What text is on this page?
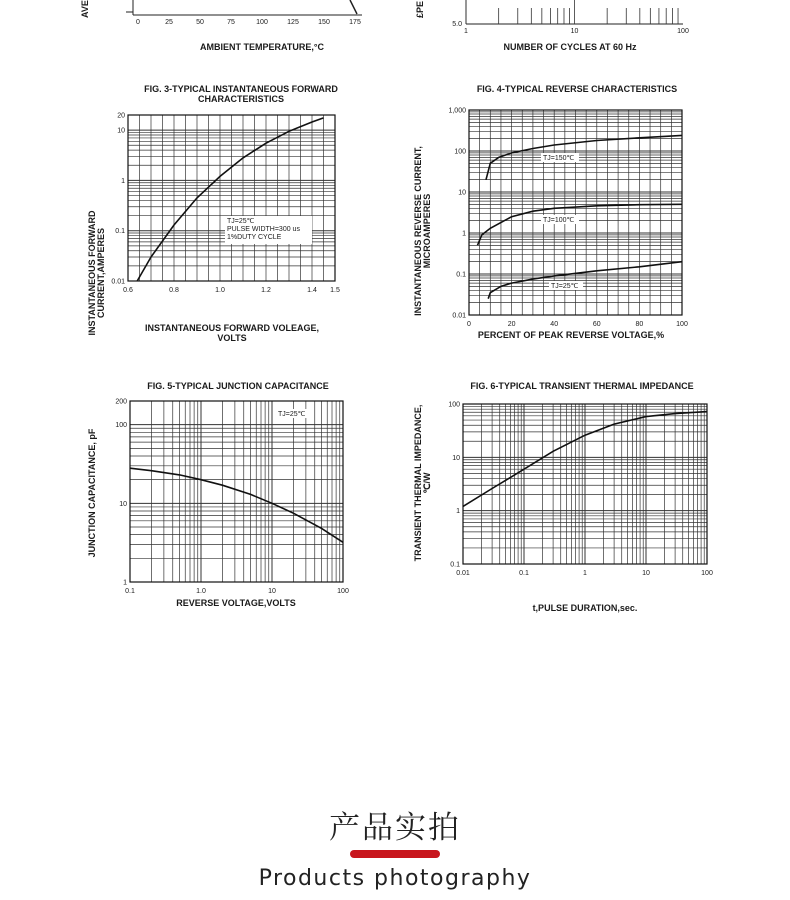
AVE
0	25	50	75	100	125	150	175
AMBIENT TEMPERATURE,°C
£PE
5.0
1	10	100
NUMBER OF CYCLES AT 60 Hz
FIG. 3-TYPICAL INSTANTANEOUS FORWARD
CHARACTERISTICS
INSTANTANEOUS FORWARD CURRENT,AMPERES 0.6	0.8	1.0	1.2	1.4 1.5
0.01
0.1
1
10
20
TJ=25℃
PULSE WIDTH=300 us
1%DUTY CYCLE
INSTANTANEOUS FORWARD VOLEAGE,
VOLTS
FIG. 4-TYPICAL REVERSE CHARACTERISTICS
INSTANTANEOUS REVERSE CURRENT, MICROAMPERES
0	20	40	60	80	100
0.01
0.1
1
10
100
1,000
TJ=150℃
TJ=100℃
TJ=25℃
PERCENT OF PEAK REVERSE VOLTAGE,%
FIG. 5-TYPICAL JUNCTION CAPACITANCE
JUNCTION CAPACITANCE, pF
0.1	1.0	10	100
1
10
100
200
TJ=25℃
REVERSE VOLTAGE,VOLTS
FIG. 6-TYPICAL TRANSIENT THERMAL IMPEDANCE
TRANSIENT THERMAL IMPEDANCE, ℃/W
0.01	0.1	1	10	100
0.1
1
10
100
t,PULSE DURATION,sec.
产品实拍
Products photography
